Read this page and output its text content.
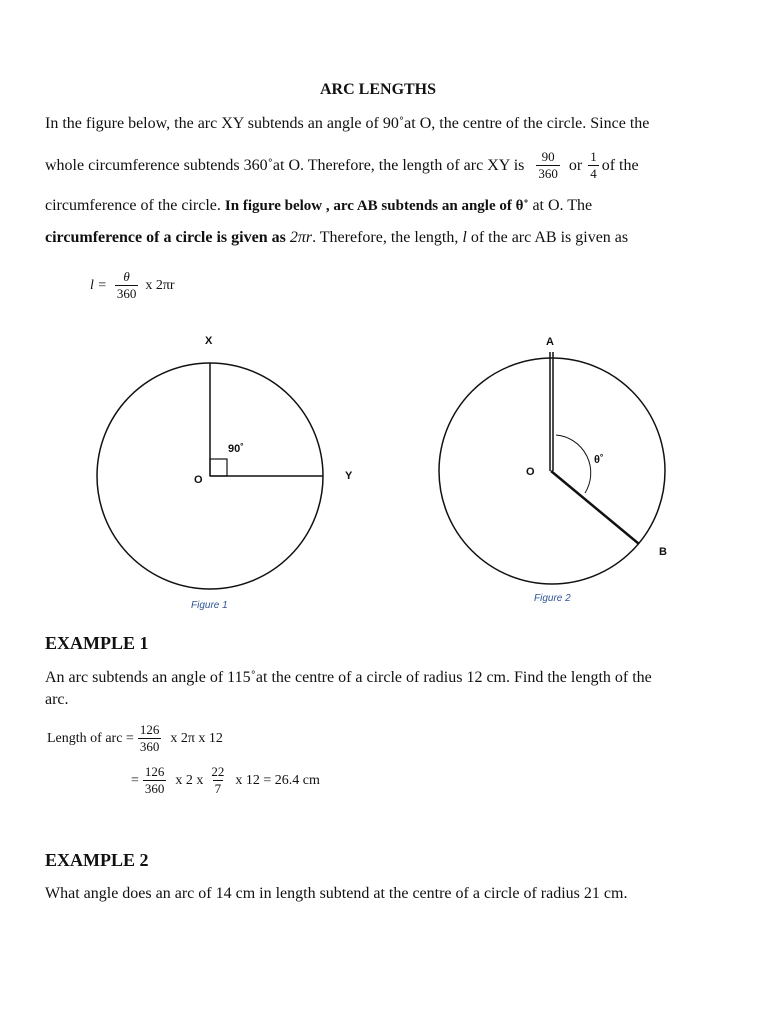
ARC LENGTHS
In the figure below, the arc XY subtends an angle of 90˚at O, the centre of the circle. Since the
whole circumference subtends 360˚at O. Therefore, the length of arc XY is $\frac{90}{360}$ or $\frac{1}{4}$ of the
circumference of the circle. In figure below , arc AB subtends an angle of θ˚ at O. The
circumference of a circle is given as 2πr. Therefore, the length, l of the arc AB is given as
$l = \frac{\theta}{360}$ x 2πr
X
Y
O
90˚
Figure 1
A
B
O
θ˚
Figure 2
EXAMPLE 1
An arc subtends an angle of 115˚at the centre of a circle of radius 12 cm. Find the length of the
arc.
Length of arc = $\frac{126}{360}$ x 2π x 12
= $\frac{126}{360}$ x 2 x $\frac{22}{7}$ x 12 = 26.4 cm
EXAMPLE 2
What angle does an arc of 14 cm in length subtend at the centre of a circle of radius 21 cm.
